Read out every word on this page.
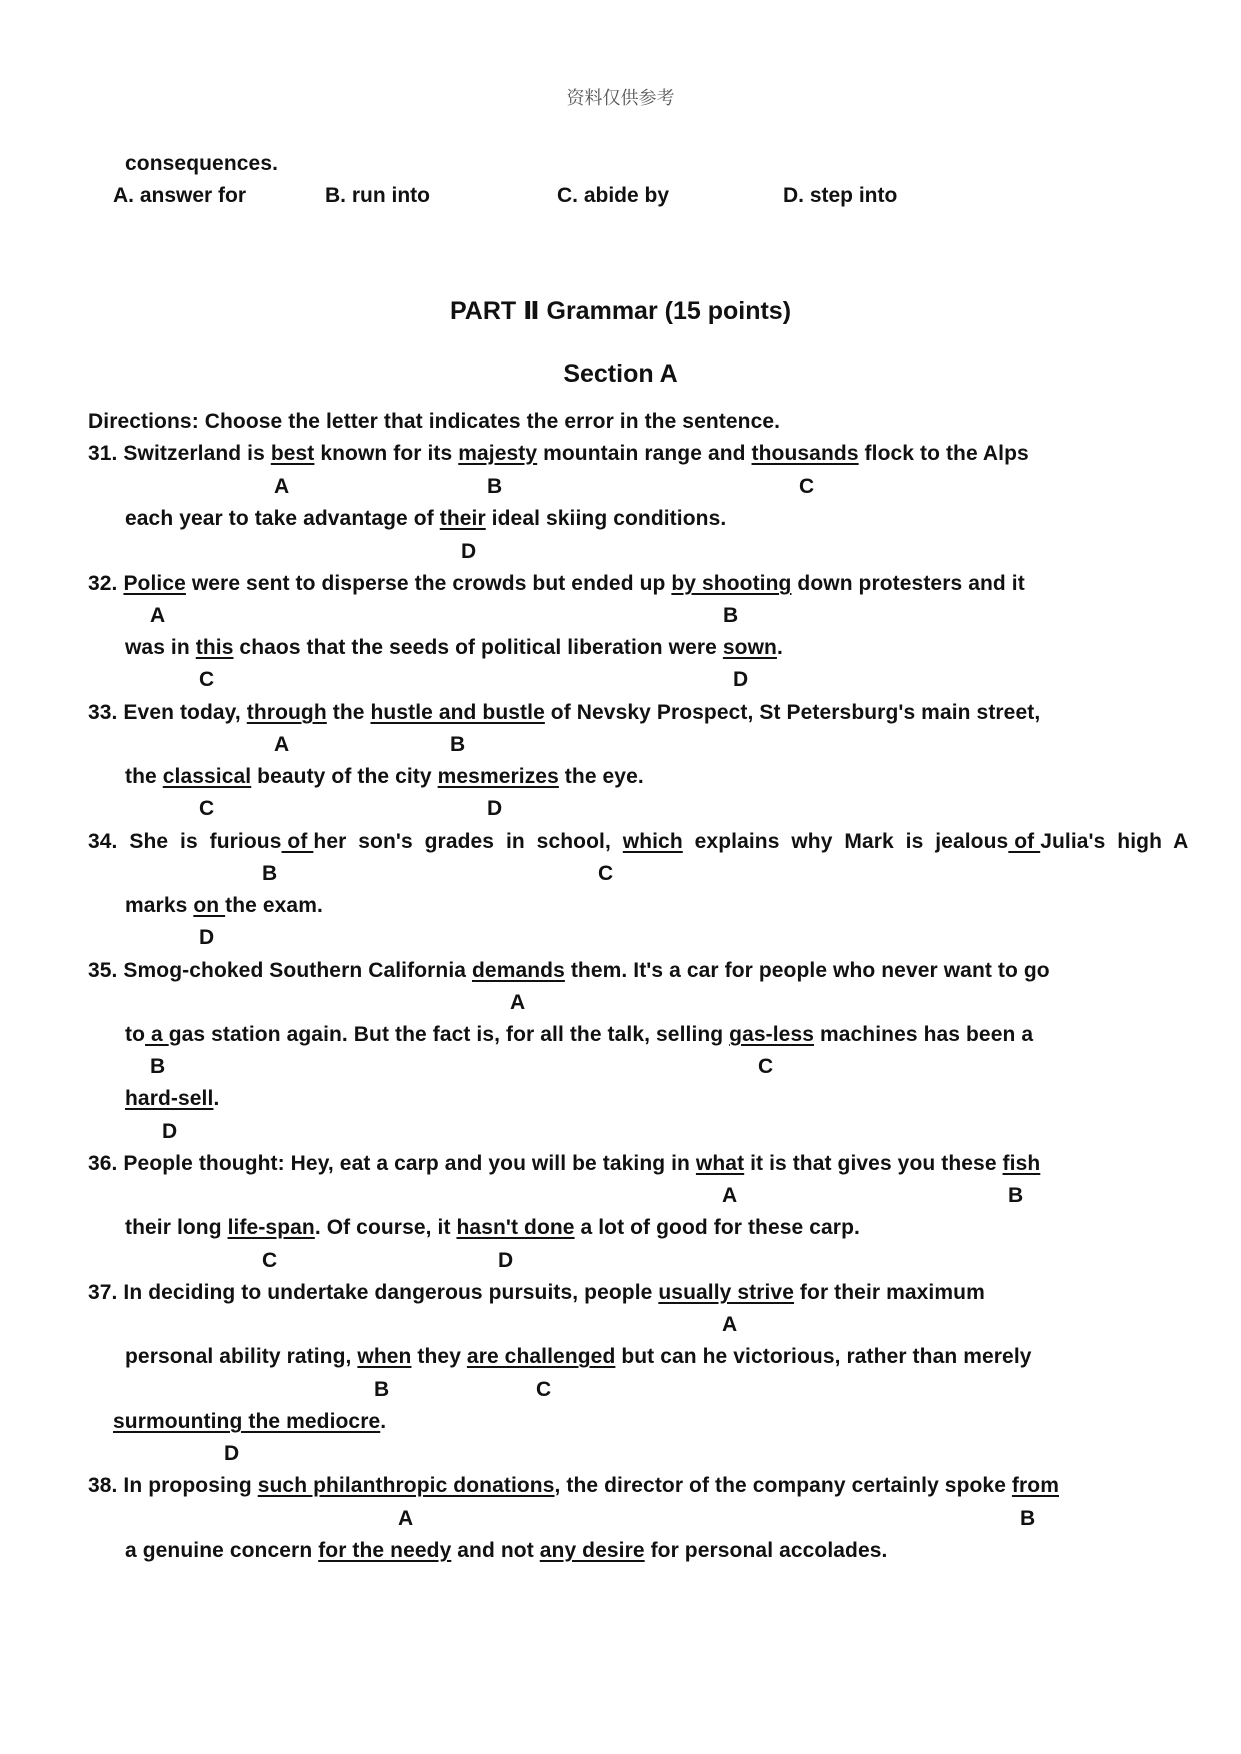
资料仅供参考
consequences.
A. answer for	B. run into	C. abide by	D. step into
PART Ⅱ Grammar (15 points)
Section A
Directions: Choose the letter that indicates the error in the sentence.
31. Switzerland is best known for its majesty mountain range and thousands flock to the Alps
A	B	C
each year to take advantage of their ideal skiing conditions.
D
32. Police were sent to disperse the crowds but ended up by shooting down protesters and it
A	B
was in this chaos that the seeds of political liberation were sown.
C	D
33. Even today, through the hustle and bustle of Nevsky Prospect, St Petersburg's main street,
A	B
the classical beauty of the city mesmerizes the eye.
C	D
34.  She  is  furious of her  son's  grades  in  school,  which  explains  why  Mark  is  jealous of Julia's  high  A
B	C
marks on the exam.
D
35. Smog-choked Southern California demands them. It's a car for people who never want to go
A
to a gas station again. But the fact is, for all the talk, selling gas-less machines has been a
B	C
hard-sell.
D
36. People thought: Hey, eat a carp and you will be taking in what it is that gives you these fish
A	B
their long life-span. Of course, it hasn't done a lot of good for these carp.
C	D
37. In deciding to undertake dangerous pursuits, people usually strive for their maximum
A
personal ability rating, when they are challenged but can he victorious, rather than merely
B	C
surmounting the mediocre.
D
38. In proposing such philanthropic donations, the director of the company certainly spoke from
A	B
a genuine concern for the needy and not any desire for personal accolades.
